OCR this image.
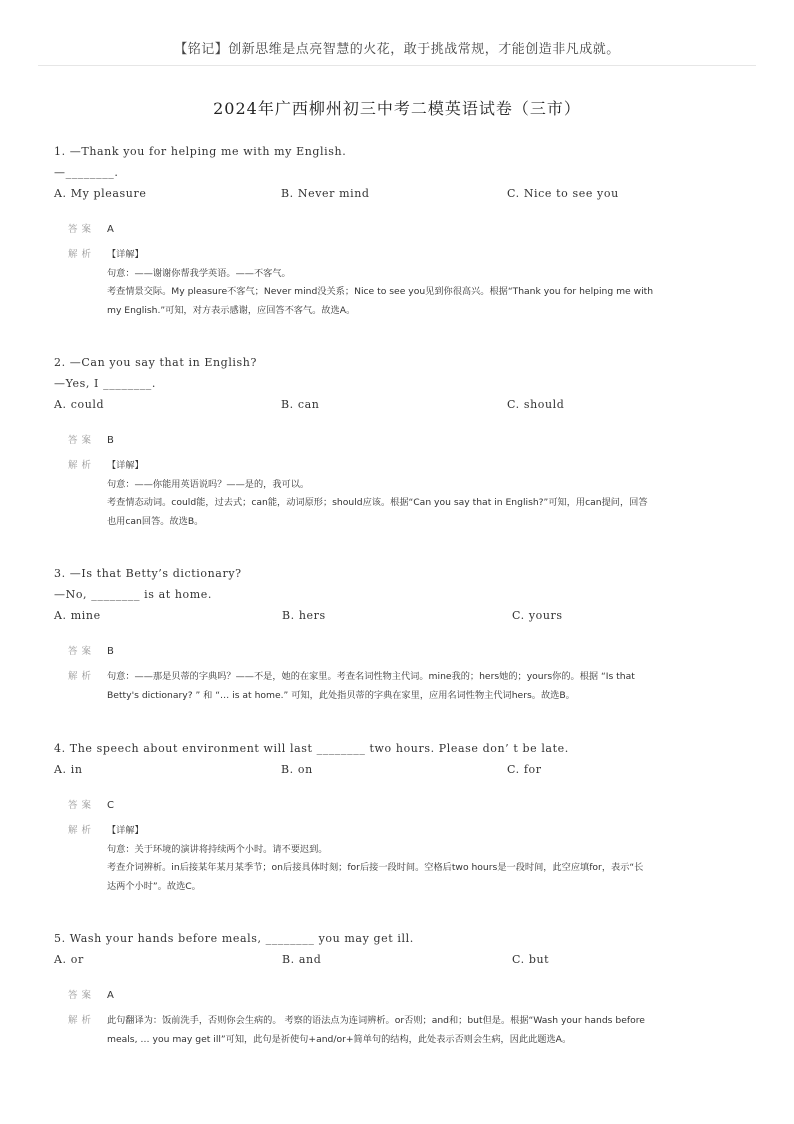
【铭记】创新思维是点亮智慧的火花，敢于挑战常规，才能创造非凡成就。
2024年广西柳州初三中考二模英语试卷（三市）
1. —Thank you for helping me with my English.
—________.
A. My pleasure	B. Never mind	C. Nice to see you
答案 A
解析 【详解】

句意：——谢谢你帮我学英语。——不客气。

考查情景交际。My pleasure不客气；Never mind没关系；Nice to see you见到你很高兴。根据“Thank you for helping me with

my English.”可知，对方表示感谢，应回答不客气。故选A。

2. —Can you say that in English?
—Yes, I ________.
A. could	B. can	C. should
答案 B
解析 【详解】

句意：——你能用英语说吗？——是的，我可以。

考查情态动词。could能，过去式；can能，动词原形；should应该。根据“Can you say that in English?”可知，用can提问，回答

也用can回答。故选B。

3. —Is that Betty’s dictionary?
—No, ________ is at home.
A. mine	B. hers	C. yours
答案 B
解析 句意：——那是贝蒂的字典吗？——不是，她的在家里。考查名词性物主代词。mine我的；hers她的；yours你的。根据 “Is that

Betty's dictionary? ” 和 “… is at home.” 可知，此处指贝蒂的字典在家里，应用名词性物主代词hers。故选B。

4. The speech about environment will last ________ two hours. Please don’ t be late.
A. in	B. on	C. for
答案 C
解析 【详解】

句意：关于环境的演讲将持续两个小时。请不要迟到。

考查介词辨析。in后接某年某月某季节；on后接具体时刻；for后接一段时间。空格后two hours是一段时间，此空应填for，表示“长

达两个小时”。故选C。

5. Wash your hands before meals, ________ you may get ill.
A. or	B. and	C. but
答案 A
解析 此句翻译为：饭前洗手，否则你会生病的。 考察的语法点为连词辨析。or否则；and和；but但是。根据“Wash your hands before

meals, … you may get ill”可知，此句是祈使句+and/or+简单句的结构，此处表示否则会生病，因此此题选A。
